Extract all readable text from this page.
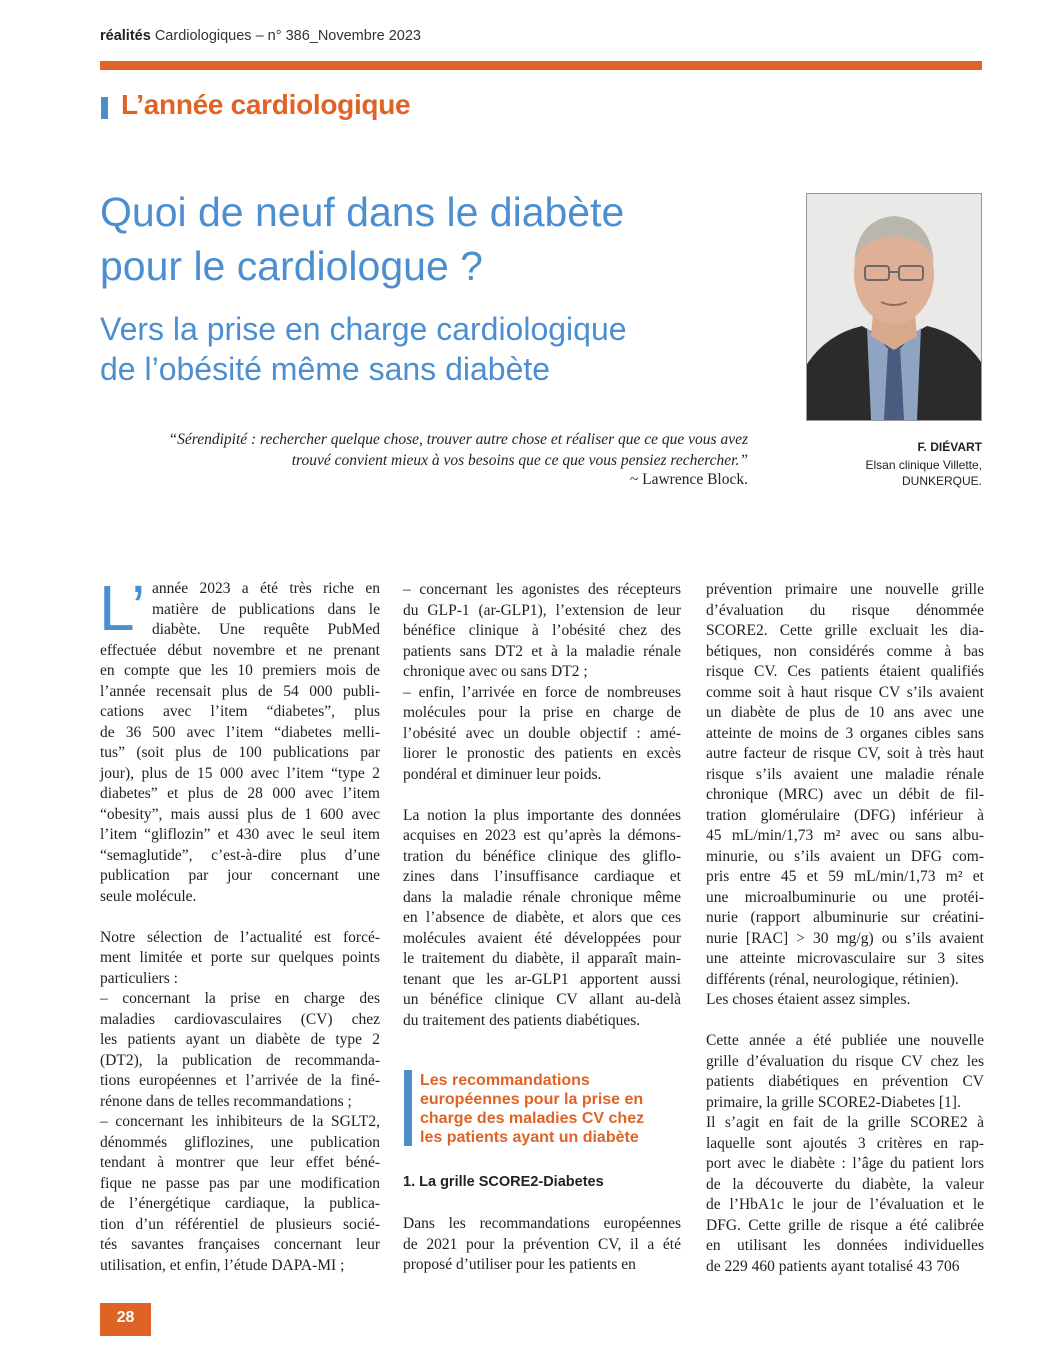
réalités Cardiologiques – n° 386_Novembre 2023
L’année cardiologique
Quoi de neuf dans le diabète
pour le cardiologue ?
Vers la prise en charge cardiologique
de l’obésité même sans diabète
F. DIÉVART
Elsan clinique Villette,
DUNKERQUE.
“Sérendipité : rechercher quelque chose, trouver autre chose et réaliser que ce que vous avez
trouvé convient mieux à vos besoins que ce que vous pensiez rechercher.”
~ Lawrence Block.
L’ année 2023 a été très riche en
matière de publications dans le
diabète. Une requête PubMed
effectuée début novembre et ne prenant
en compte que les 10 premiers mois de
l’année recensait plus de 54 000 publi-
cations avec l’item “diabetes”, plus
de 36 500 avec l’item “diabetes melli-
tus” (soit plus de 100 publications par
jour), plus de 15 000 avec l’item “type 2
diabetes” et plus de 28 000 avec l’item
“obesity”, mais aussi plus de 1 600 avec
l’item “gliflozin” et 430 avec le seul item
“semaglutide”, c’est-à-dire plus d’une
publication par jour concernant une
seule molécule.
Notre sélection de l’actualité est forcé-
ment limitée et porte sur quelques points
particuliers :
– concernant la prise en charge des
maladies cardiovasculaires (CV) chez
les patients ayant un diabète de type 2
(DT2), la publication de recommanda-
tions européennes et l’arrivée de la finé-
rénone dans de telles recommandations ;
– concernant les inhibiteurs de la SGLT2,
dénommés gliflozines, une publication
tendant à montrer que leur effet béné-
fique ne passe pas par une modification
de l’énergétique cardiaque, la publica-
tion d’un référentiel de plusieurs socié-
tés savantes françaises concernant leur
utilisation, et enfin, l’étude DAPA-MI ;
– concernant les agonistes des récepteurs
du GLP-1 (ar-GLP1), l’extension de leur
bénéfice clinique à l’obésité chez des
patients sans DT2 et à la maladie rénale
chronique avec ou sans DT2 ;
– enfin, l’arrivée en force de nombreuses
molécules pour la prise en charge de
l’obésité avec un double objectif : amé-
liorer le pronostic des patients en excès
pondéral et diminuer leur poids.
La notion la plus importante des données
acquises en 2023 est qu’après la démons-
tration du bénéfice clinique des gliflo-
zines dans l’insuffisance cardiaque et
dans la maladie rénale chronique même
en l’absence de diabète, et alors que ces
molécules avaient été développées pour
le traitement du diabète, il apparaît main-
tenant que les ar-GLP1 apportent aussi
un bénéfice clinique CV allant au-delà
du traitement des patients diabétiques.
Les recommandations
européennes pour la prise en
charge des maladies CV chez
les patients ayant un diabète
1. La grille SCORE2-Diabetes
Dans les recommandations européennes
de 2021 pour la prévention CV, il a été
proposé d’utiliser pour les patients en
prévention primaire une nouvelle grille
d’évaluation du risque dénommée
SCORE2. Cette grille excluait les dia-
bétiques, non considérés comme à bas
risque CV. Ces patients étaient qualifiés
comme soit à haut risque CV s’ils avaient
un diabète de plus de 10 ans avec une
atteinte de moins de 3 organes cibles sans
autre facteur de risque CV, soit à très haut
risque s’ils avaient une maladie rénale
chronique (MRC) avec un débit de fil-
tration glomérulaire (DFG) inférieur à
45 mL/min/1,73 m² avec ou sans albu-
minurie, ou s’ils avaient un DFG com-
pris entre 45 et 59 mL/min/1,73 m² et
une microalbuminurie ou une protéi-
nurie (rapport albuminurie sur créatini-
nurie [RAC] > 30 mg/g) ou s’ils avaient
une atteinte microvasculaire sur 3 sites
différents (rénal, neurologique, rétinien).
Les choses étaient assez simples.
Cette année a été publiée une nouvelle
grille d’évaluation du risque CV chez les
patients diabétiques en prévention CV
primaire, la grille SCORE2-Diabetes [1].
Il s’agit en fait de la grille SCORE2 à
laquelle sont ajoutés 3 critères en rap-
port avec le diabète : l’âge du patient lors
de la découverte du diabète, la valeur
de l’HbA1c le jour de l’évaluation et le
DFG. Cette grille de risque a été calibrée
en utilisant les données individuelles
de 229 460 patients ayant totalisé 43 706
28
